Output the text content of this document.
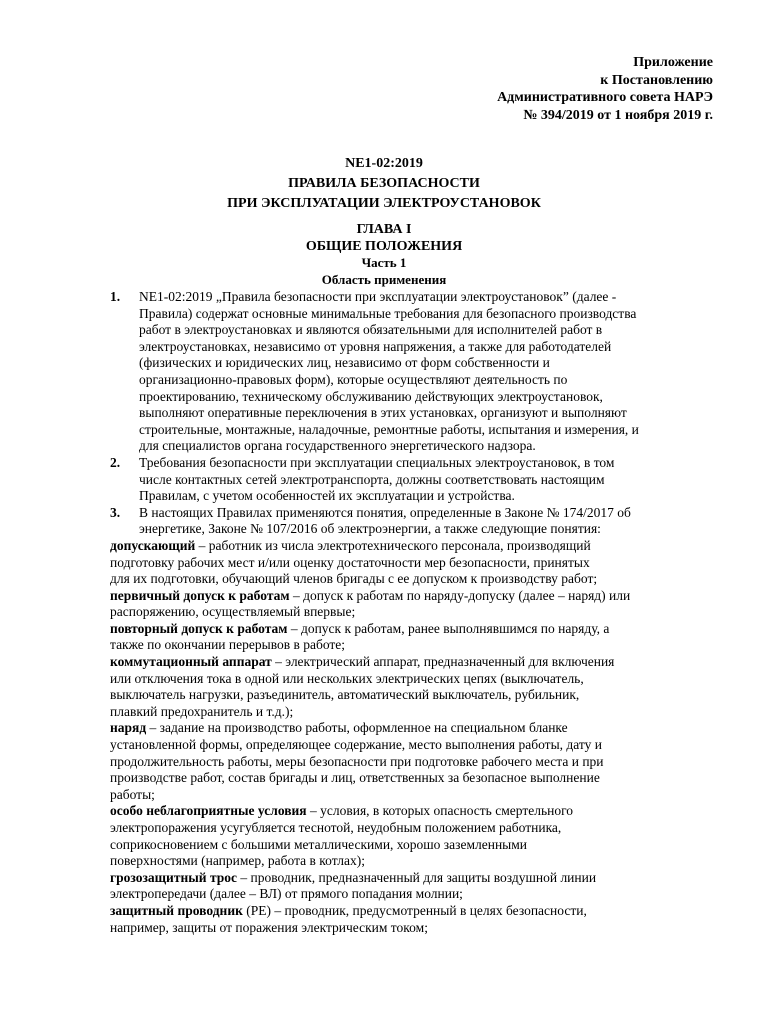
Приложение
к Постановлению
Административного совета НАРЭ
№ 394/2019 от 1 ноября 2019 г.
NE1-02:2019
ПРАВИЛА БЕЗОПАСНОСТИ
ПРИ ЭКСПЛУАТАЦИИ ЭЛЕКТРОУСТАНОВОК
ГЛАВА I
ОБЩИЕ ПОЛОЖЕНИЯ
Часть 1
Область применения
1. NE1-02:2019 „Правила безопасности при эксплуатации электроустановок” (далее -
Правила) содержат основные минимальные требования для безопасного производства
работ в электроустановках и являются обязательными для исполнителей работ в
электроустановках, независимо от уровня напряжения, а также для работодателей
(физических и юридических лиц, независимо от форм собственности и
организационно-правовых форм), которые осуществляют деятельность по
проектированию, техническому обслуживанию действующих электроустановок,
выполняют оперативные переключения в этих установках, организуют и выполняют
строительные, монтажные, наладочные, ремонтные работы, испытания и измерения, и
для специалистов органа государственного энергетического надзора.
2. Требования безопасности при эксплуатации специальных электроустановок, в том
числе контактных сетей электротранспорта, должны соответствовать настоящим
Правилам, с учетом особенностей их эксплуатации и устройства.
3. В настоящих Правилах применяются понятия, определенные в Законе № 174/2017 об
энергетике, Законе № 107/2016 об электроэнергии, а также следующие понятия:
допускающий – работник из числа электротехнического персонала, производящий
подготовку рабочих мест и/или оценку достаточности мер безопасности, принятых
для их подготовки, обучающий членов бригады с ее допуском к производству работ;
первичный допуск к работам – допуск к работам по наряду-допуску (далее – наряд) или
распоряжению, осуществляемый впервые;
повторный допуск к работам – допуск к работам, ранее выполнявшимся по наряду, а
также по окончании перерывов в работе;
коммутационный аппарат – электрический аппарат, предназначенный для включения
или отключения тока в одной или нескольких электрических цепях (выключатель,
выключатель нагрузки, разъединитель, автоматический выключатель, рубильник,
плавкий предохранитель и т.д.);
наряд – задание на производство работы, оформленное на специальном бланке
установленной формы, определяющее содержание, место выполнения работы, дату и
продолжительность работы, меры безопасности при подготовке рабочего места и при
производстве работ, состав бригады и лиц, ответственных за безопасное выполнение
работы;
особо неблагоприятные условия – условия, в которых опасность смертельного
электропоражения усугубляется теснотой, неудобным положением работника,
соприкосновением с большими металлическими, хорошо заземленными
поверхностями (например, работа в котлах);
грозозащитный трос – проводник, предназначенный для защиты воздушной линии
электропередачи (далее – ВЛ) от прямого попадания молнии;
защитный проводник (PE) – проводник, предусмотренный в целях безопасности,
например, защиты от поражения электрическим током;
